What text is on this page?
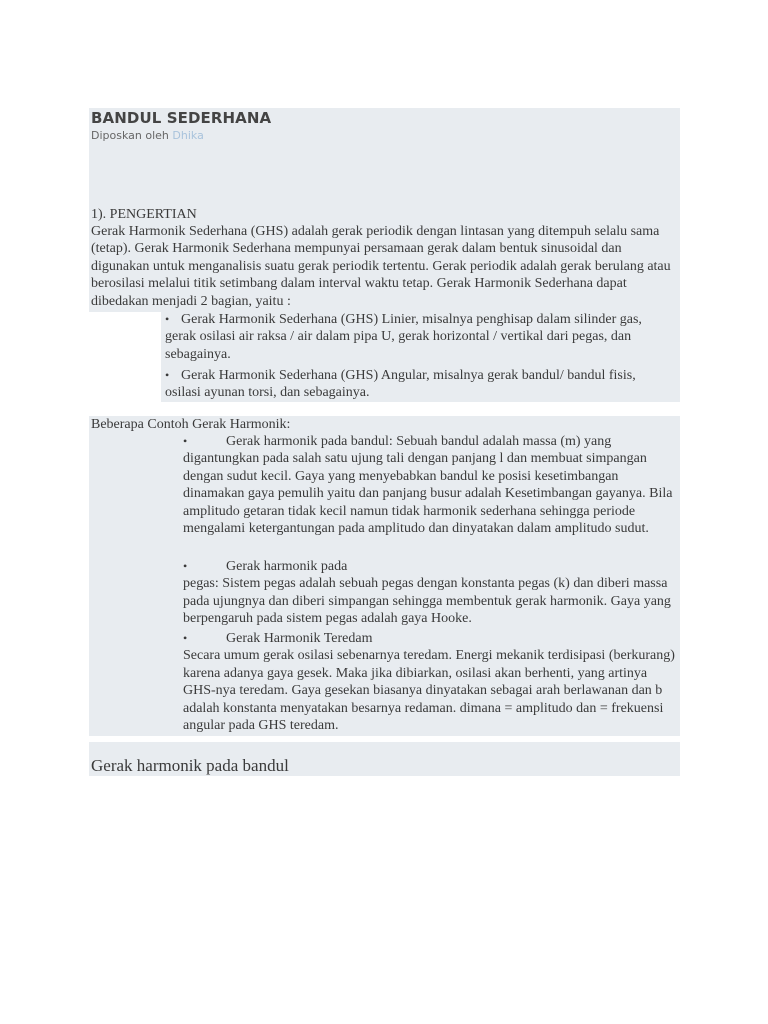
BANDUL SEDERHANA
Diposkan oleh Dhika
1). PENGERTIAN
Gerak Harmonik Sederhana (GHS) adalah gerak periodik dengan lintasan yang ditempuh selalu sama (tetap). Gerak Harmonik Sederhana mempunyai persamaan gerak dalam bentuk sinusoidal dan digunakan untuk menganalisis suatu gerak periodik tertentu. Gerak periodik adalah gerak berulang atau berosilasi melalui titik setimbang dalam interval waktu tetap. Gerak Harmonik Sederhana dapat dibedakan menjadi 2 bagian, yaitu :
• Gerak Harmonik Sederhana (GHS) Linier, misalnya penghisap dalam silinder gas,
gerak osilasi air raksa / air dalam pipa U, gerak horizontal / vertikal dari pegas, dan sebagainya.
• Gerak Harmonik Sederhana (GHS) Angular, misalnya gerak bandul/ bandul fisis,
osilasi ayunan torsi, dan sebagainya.
Beberapa Contoh Gerak Harmonik:
•	Gerak harmonik pada bandul: Sebuah bandul adalah massa (m) yang
digantungkan pada salah satu ujung tali dengan panjang l dan membuat simpangan dengan sudut kecil. Gaya yang menyebabkan bandul ke posisi kesetimbangan dinamakan gaya pemulih yaitu dan panjang busur adalah Kesetimbangan gayanya. Bila amplitudo getaran tidak kecil namun tidak harmonik sederhana sehingga periode mengalami ketergantungan pada amplitudo dan dinyatakan dalam amplitudo sudut.
•	Gerak harmonik pada
pegas: Sistem pegas adalah sebuah pegas dengan konstanta pegas (k) dan diberi massa pada ujungnya dan diberi simpangan sehingga membentuk gerak harmonik. Gaya yang berpengaruh pada sistem pegas adalah gaya Hooke.
•	Gerak Harmonik Teredam
Secara umum gerak osilasi sebenarnya teredam. Energi mekanik terdisipasi (berkurang) karena adanya gaya gesek. Maka jika dibiarkan, osilasi akan berhenti, yang artinya GHS-nya teredam. Gaya gesekan biasanya dinyatakan sebagai arah berlawanan dan b adalah konstanta menyatakan besarnya redaman. dimana = amplitudo dan = frekuensi angular pada GHS teredam.
Gerak harmonik pada bandul
